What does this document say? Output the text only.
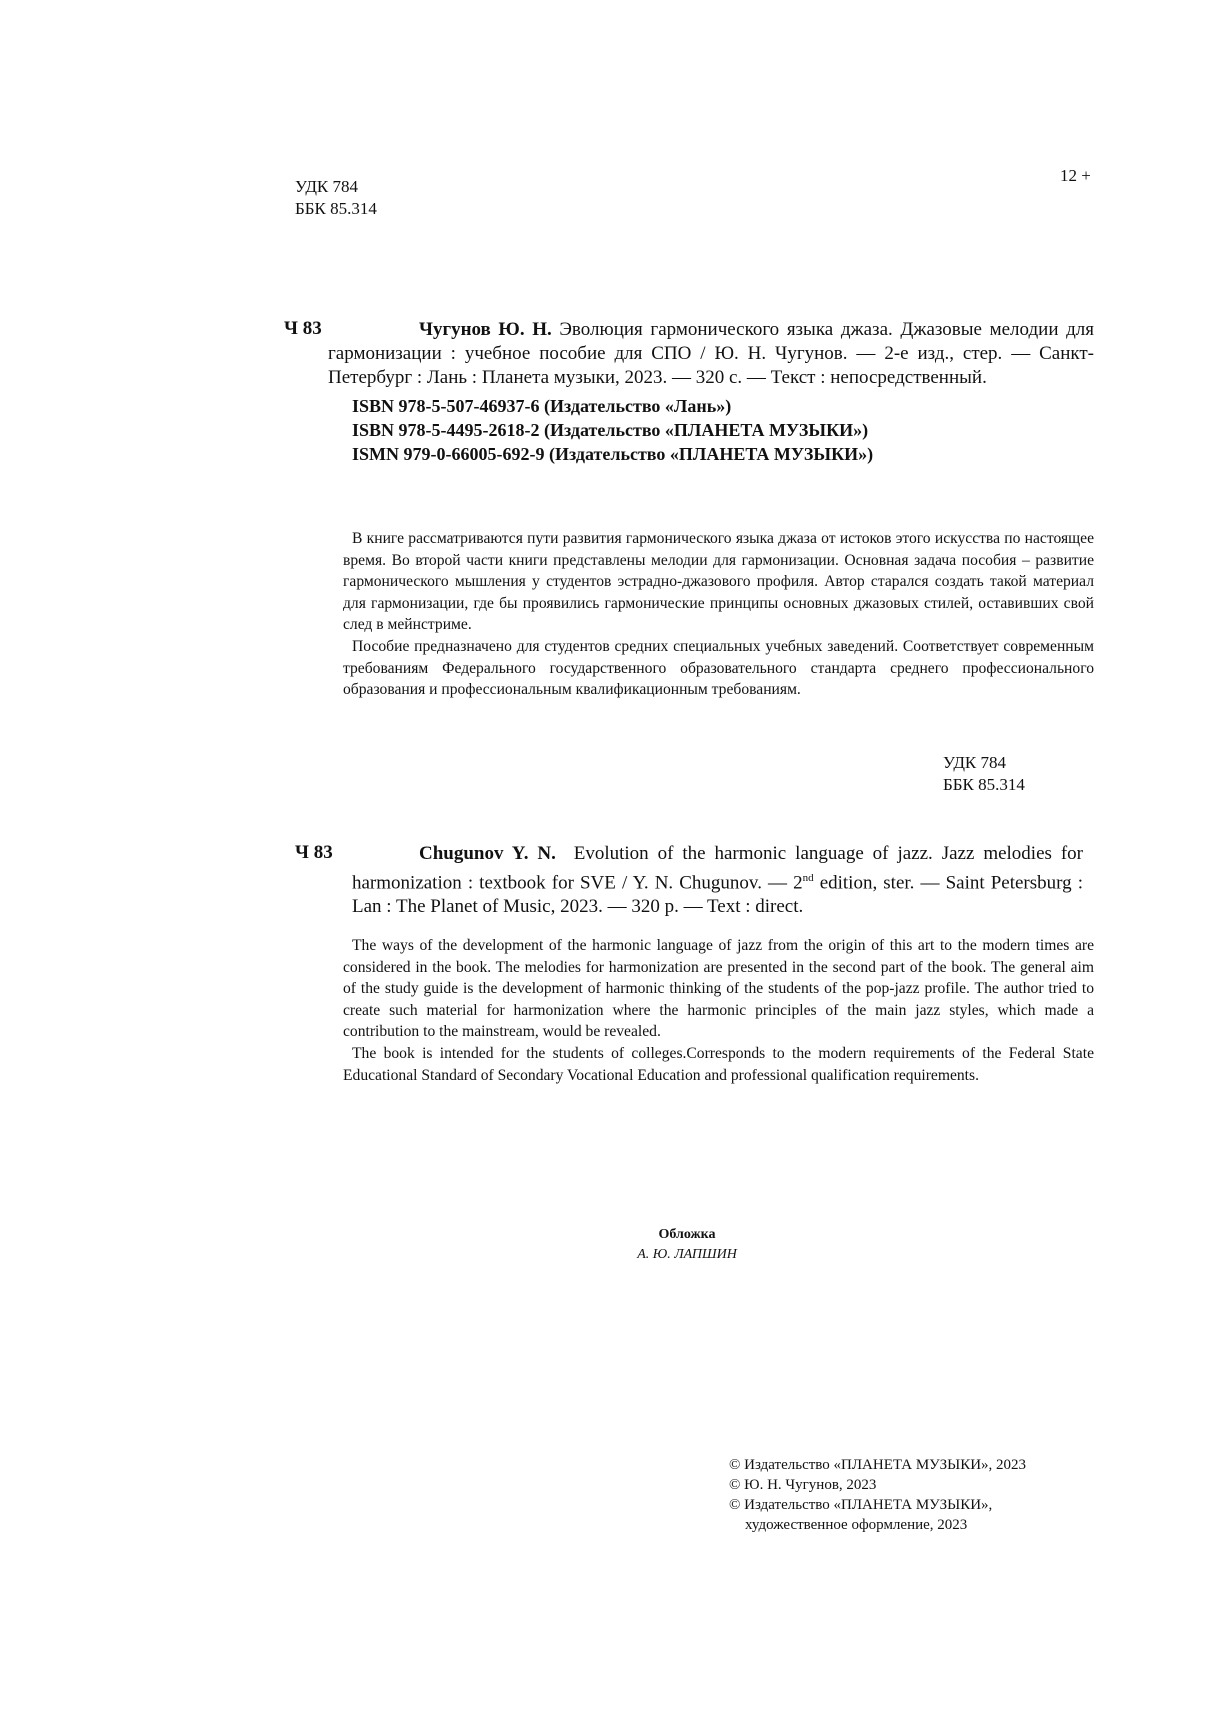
УДК 784
ББК 85.314
12 +
Ч 83	Чугунов Ю. Н. Эволюция гармонического языка джаза. Джазовые мелодии для гармонизации : учебное пособие для СПО / Ю. Н. Чугунов. — 2-е изд., стер. — Санкт-Петербург : Лань : Планета музыки, 2023. — 320 с. — Текст : непосредственный.
ISBN 978-5-507-46937-6 (Издательство «Лань»)
ISBN 978-5-4495-2618-2 (Издательство «ПЛАНЕТА МУЗЫКИ»)
ISMN 979-0-66005-692-9 (Издательство «ПЛАНЕТА МУЗЫКИ»)

В книге рассматриваются пути развития гармонического языка джаза от истоков этого искусства по настоящее время. Во второй части книги представлены мелодии для гармонизации. Основная задача пособия – развитие гармонического мышления у студентов эстрадно-джазового профиля. Автор старался создать такой материал для гармонизации, где бы проявились гармонические принципы основных джазовых стилей, оставивших свой след в мейнстриме.

Пособие предназначено для студентов средних специальных учебных заведений. Соответствует современным требованиям Федерального государственного образовательного стандарта среднего профессионального образования и профессиональным квалификационным требованиям.

УДК 784
ББК 85.314
Ч 83	Chugunov Y. N. Evolution of the harmonic language of jazz. Jazz melodies for harmonization : textbook for SVE / Y. N. Chugunov. — 2nd edition, ster. — Saint Petersburg : Lan : The Planet of Music, 2023. — 320 p. — Text : direct.

The ways of the development of the harmonic language of jazz from the origin of this art to the modern times are considered in the book. The melodies for harmonization are presented in the second part of the book. The general aim of the study guide is the development of harmonic thinking of the students of the pop-jazz profile. The author tried to create such material for harmonization where the harmonic principles of the main jazz styles, which made a contribution to the mainstream, would be revealed.

The book is intended for the students of colleges.Corresponds to the modern requirements of the Federal State Educational Standard of Secondary Vocational Education and professional qualification requirements.

Обложка
А. Ю. ЛАПШИН
© Издательство «ПЛАНЕТА МУЗЫКИ», 2023
© Ю. Н. Чугунов, 2023
© Издательство «ПЛАНЕТА МУЗЫКИ»,
художественное оформление, 2023
